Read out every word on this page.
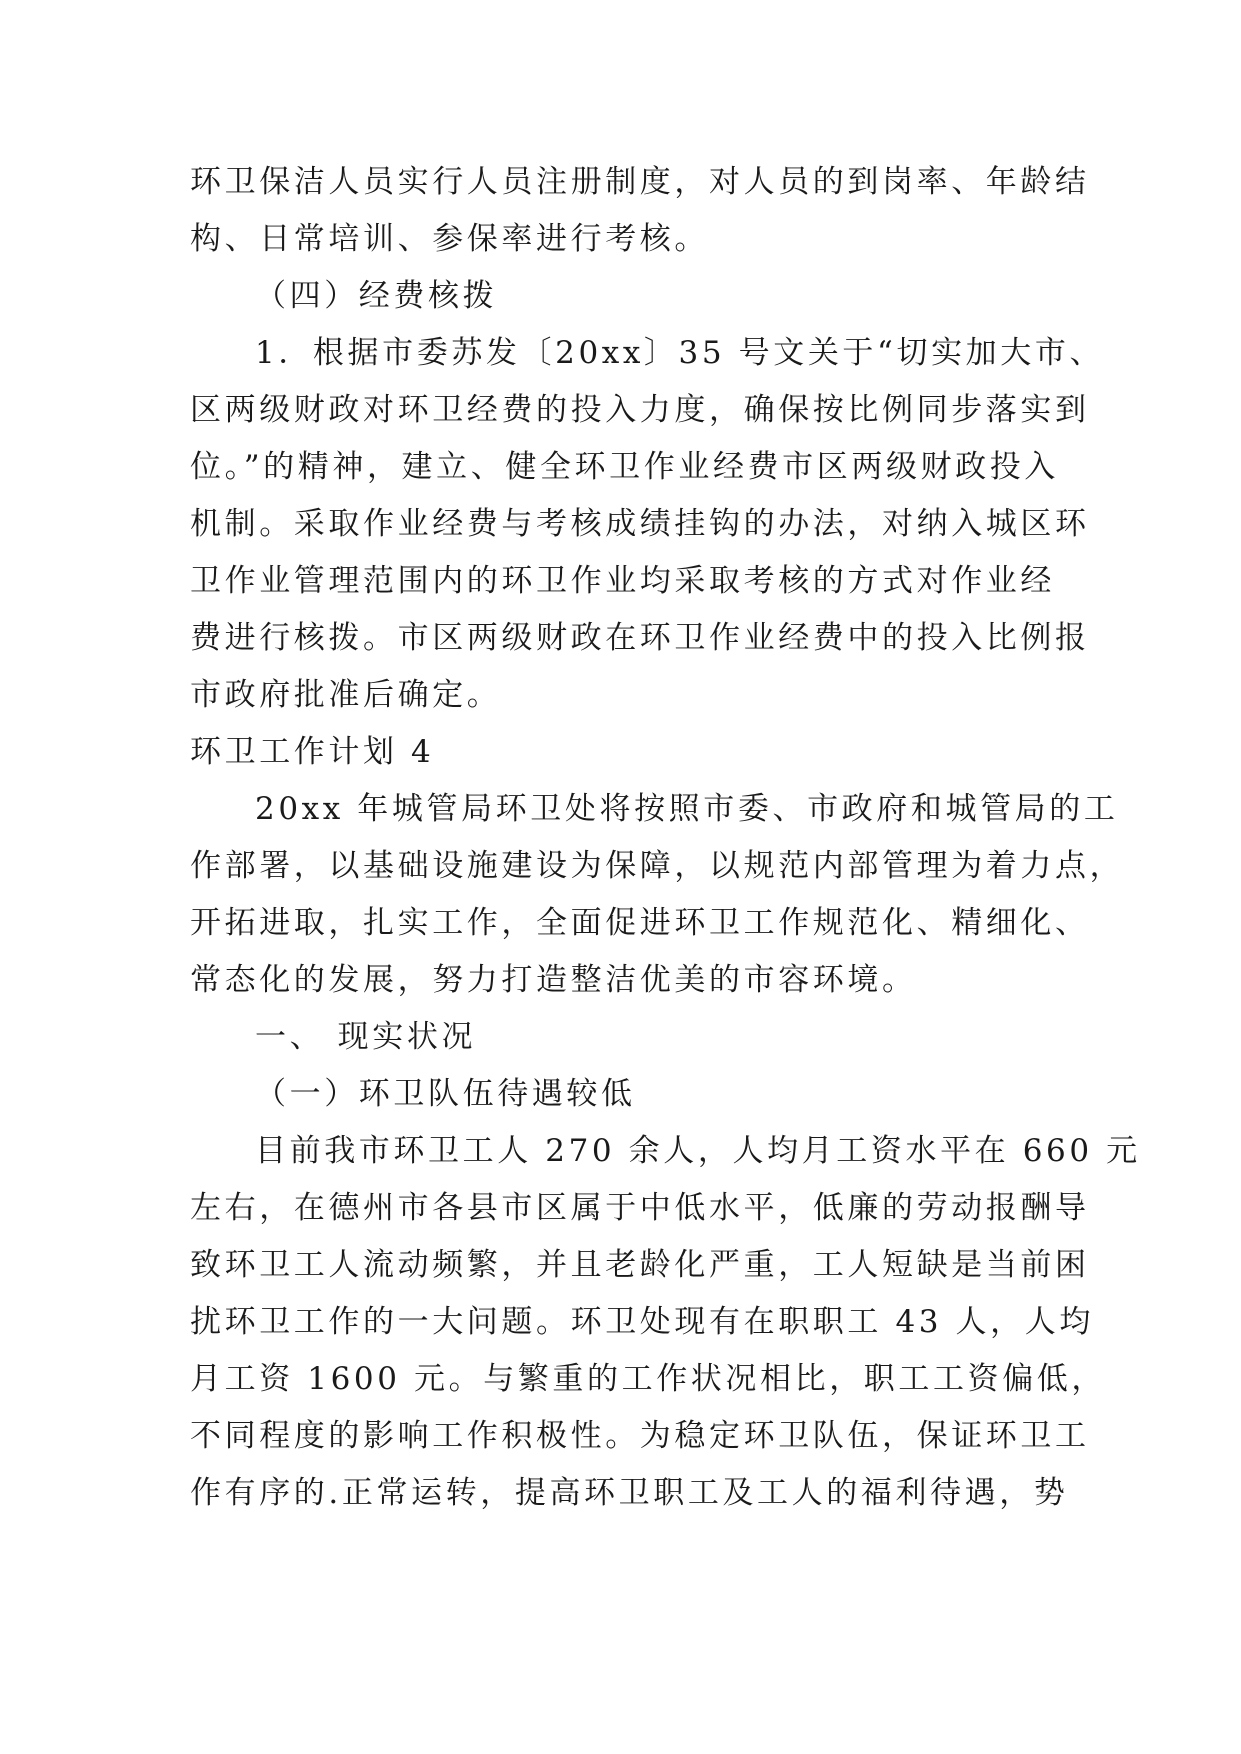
环卫保洁人员实行人员注册制度，对人员的到岗率、年龄结
构、日常培训、参保率进行考核。
（四）经费核拨
1．根据市委苏发〔20xx〕35 号文关于“切实加大市、
区两级财政对环卫经费的投入力度，确保按比例同步落实到
位。”的精神，建立、健全环卫作业经费市区两级财政投入
机制。采取作业经费与考核成绩挂钩的办法，对纳入城区环
卫作业管理范围内的环卫作业均采取考核的方式对作业经
费进行核拨。市区两级财政在环卫作业经费中的投入比例报
市政府批准后确定。
环卫工作计划 4
20xx 年城管局环卫处将按照市委、市政府和城管局的工
作部署，以基础设施建设为保障，以规范内部管理为着力点，
开拓进取，扎实工作，全面促进环卫工作规范化、精细化、
常态化的发展，努力打造整洁优美的市容环境。
一、 现实状况
（一）环卫队伍待遇较低
目前我市环卫工人 270 余人，人均月工资水平在 660 元
左右，在德州市各县市区属于中低水平，低廉的劳动报酬导
致环卫工人流动频繁，并且老龄化严重，工人短缺是当前困
扰环卫工作的一大问题。环卫处现有在职职工 43 人，人均
月工资 1600 元。与繁重的工作状况相比，职工工资偏低，
不同程度的影响工作积极性。为稳定环卫队伍，保证环卫工
作有序的.正常运转，提高环卫职工及工人的福利待遇，势
